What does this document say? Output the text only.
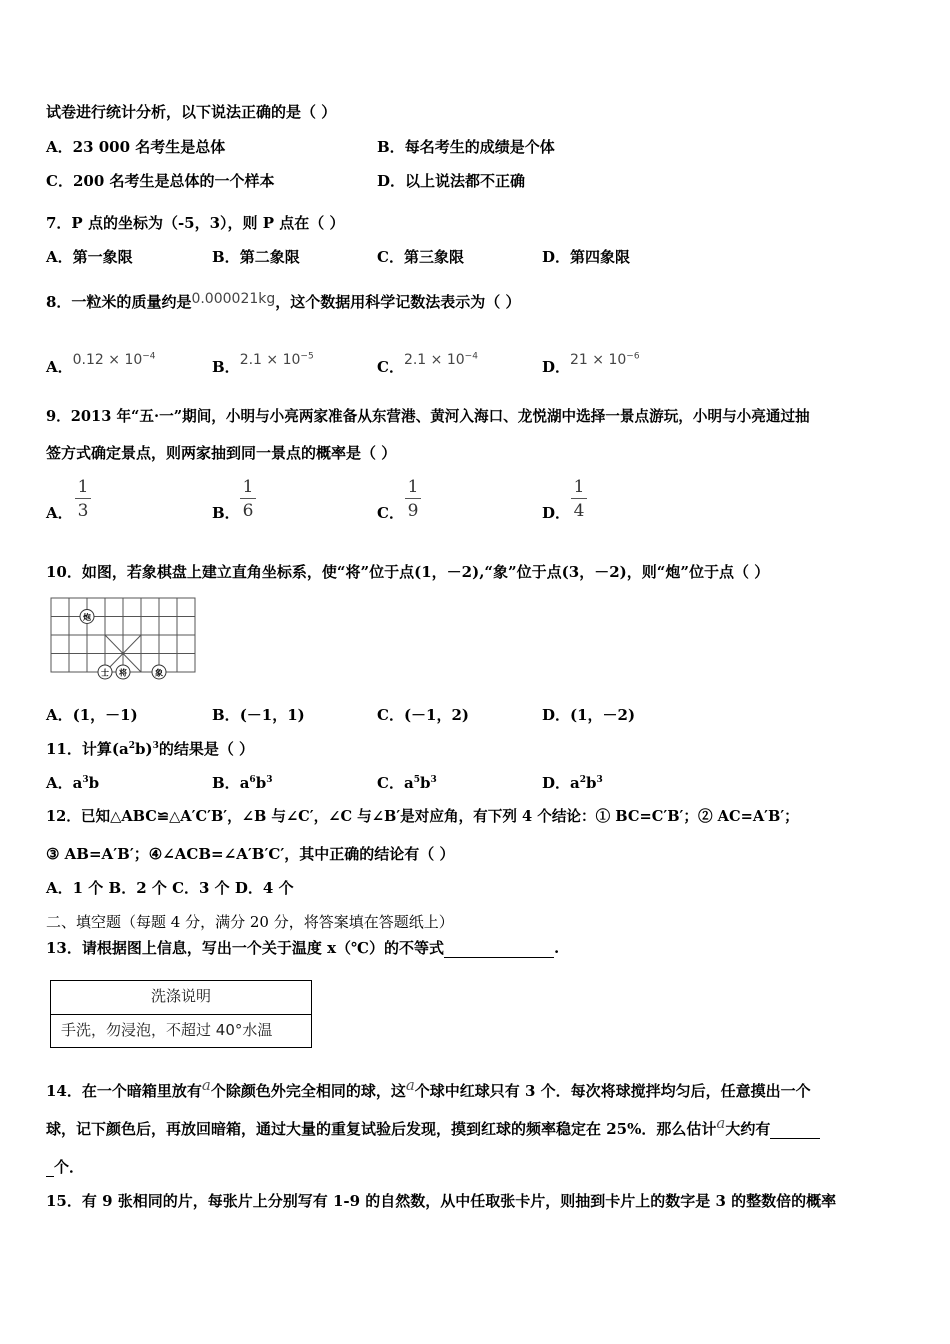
试卷进行统计分析，以下说法正确的是（ ）
A．23 000 名考生是总体	B．每名考生的成绩是个体
C．200 名考生是总体的一个样本	D．以上说法都不正确
7．P 点的坐标为（-5，3），则 P 点在（ ）
A．第一象限	B．第二象限	C．第三象限	D．第四象限
8．一粒米的质量约是0.000021kg，这个数据用科学记数法表示为（ ）
A．$0.12 \times 10^{-4}$
B．$2.1 \times 10^{-5}$
C．$2.1 \times 10^{-4}$
D．$21 \times 10^{-6}$
9．2013 年“五·一”期间，小明与小亮两家准备从东营港、黄河入海口、龙悦湖中选择一景点游玩，小明与小亮通过抽
签方式确定景点，则两家抽到同一景点的概率是（ ）
A．
1
3	B．
1
6	C．
1
9	D．
1
4
10．如图，若象棋盘上建立直角坐标系，使“将”位于点(1，－2),“象”位于点(3，－2)，则“炮”位于点（ ）
炮
士 将	象
A．(1，－1)	B．(－1，1)	C．(－1，2)	D．(1，－2)
11．计算$(a^2b)^3$的结果是（ ）
A．$a^3b$	B．$a^6b^3$	C．$a^5b^3$	D．$a^2b^3$
12．已知△ABC≌△A′C′B′，∠B 与∠C′，∠C 与∠B′是对应角，有下列 4 个结论：① BC=C′B′；② AC=A′B′；
③ AB=A′B′；④∠ACB=∠A′B′C′，其中正确的结论有（ ）
A．1 个 B．2 个 C．3 个 D．4 个
二、填空题（每题 4 分，满分 20 分，将答案填在答题纸上）
13．请根据图上信息，写出一个关于温度 x（℃）的不等式	.
洗涤说明
手洗，勿浸泡，不超过 40°水温
14．在一个暗箱里放有a个除颜色外完全相同的球，这a个球中红球只有 3 个．每次将球搅拌均匀后，任意摸出一个
球，记下颜色后，再放回暗箱，通过大量的重复试验后发现，摸到红球的频率稳定在 25%．那么估计a大约有
个．
15．有 9 张相同的片，每张片上分别写有 1-9 的自然数，从中任取张卡片，则抽到卡片上的数字是 3 的整数倍的概率
